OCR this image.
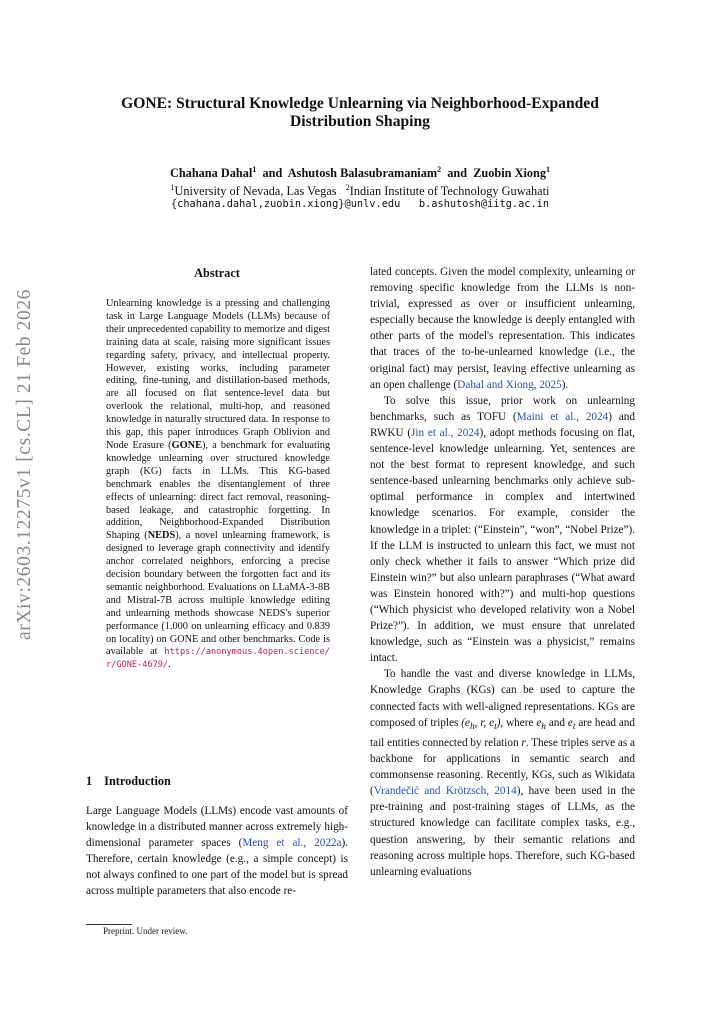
arXiv:2603.12275v1 [cs.CL] 21 Feb 2026
GONE: Structural Knowledge Unlearning via Neighborhood-Expanded
Distribution Shaping
Chahana Dahal$^1$ and Ashutosh Balasubramaniam$^2$ and Zuobin Xiong$^1$
$^1$University of Nevada, Las Vegas $^2$Indian Institute of Technology Guwahati
{chahana.dahal,zuobin.xiong}@unlv.edu   b.ashutosh@iitg.ac.in
Abstract
Unlearning knowledge is a pressing and challenging task in Large Language Models (LLMs) because of their unprecedented capability to memorize and digest training data at scale, raising more significant issues regarding safety, privacy, and intellectual property. However, existing works, including parameter editing, fine-tuning, and distillation-based methods, are all focused on flat sentence-level data but overlook the relational, multi-hop, and reasoned knowledge in naturally structured data. In response to this gap, this paper introduces Graph Oblivion and Node Erasure (GONE), a benchmark for evaluating knowledge unlearning over structured knowledge graph (KG) facts in LLMs. This KG-based benchmark enables the disentanglement of three effects of unlearning: direct fact removal, reasoning-based leakage, and catastrophic forgetting. In addition, Neighborhood-Expanded Distribution Shaping (NEDS), a novel unlearning framework, is designed to leverage graph connectivity and identify anchor correlated neighbors, enforcing a precise decision boundary between the forgotten fact and its semantic neighborhood. Evaluations on LLaMA-3-8B and Mistral-7B across multiple knowledge editing and unlearning methods showcase NEDS's superior performance (1.000 on unlearning efficacy and 0.839 on locality) on GONE and other benchmarks. Code is available at https://anonymous.4open.science/r/GONE-4679/.
1 Introduction
Large Language Models (LLMs) encode vast amounts of knowledge in a distributed manner across extremely high-dimensional parameter spaces (Meng et al., 2022a). Therefore, certain knowledge (e.g., a simple concept) is not always confined to one part of the model but is spread across multiple parameters that also encode re-

lated concepts. Given the model complexity, unlearning or removing specific knowledge from the LLMs is non-trivial, expressed as over or insufficient unlearning, especially because the knowledge is deeply entangled with other parts of the model's representation. This indicates that traces of the to-be-unlearned knowledge (i.e., the original fact) may persist, leaving effective unlearning as an open challenge (Dahal and Xiong, 2025).

To solve this issue, prior work on unlearning benchmarks, such as TOFU (Maini et al., 2024) and RWKU (Jin et al., 2024), adopt methods focusing on flat, sentence-level knowledge unlearning. Yet, sentences are not the best format to represent knowledge, and such sentence-based unlearning benchmarks only achieve sub-optimal performance in complex and intertwined knowledge scenarios. For example, consider the knowledge in a triplet: (“Einstein”, “won”, “Nobel Prize”). If the LLM is instructed to unlearn this fact, we must not only check whether it fails to answer “Which prize did Einstein win?” but also unlearn paraphrases (“What award was Einstein honored with?”) and multi-hop questions (“Which physicist who developed relativity won a Nobel Prize?”). In addition, we must ensure that unrelated knowledge, such as “Einstein was a physicist,” remains intact.

To handle the vast and diverse knowledge in LLMs, Knowledge Graphs (KGs) can be used to capture the connected facts with well-aligned representations. KGs are composed of triples ($e_h$, r, $e_t$), where $e_h$ and $e_t$ are head and tail entities connected by relation r. These triples serve as a backbone for applications in semantic search and commonsense reasoning. Recently, KGs, such as Wikidata (Vrandečić and Krötzsch, 2014), have been used in the pre-training and post-training stages of LLMs, as the structured knowledge can facilitate complex tasks, e.g., question answering, by their semantic relations and reasoning across multiple hops. Therefore, such KG-based unlearning evaluations

Preprint. Under review.
